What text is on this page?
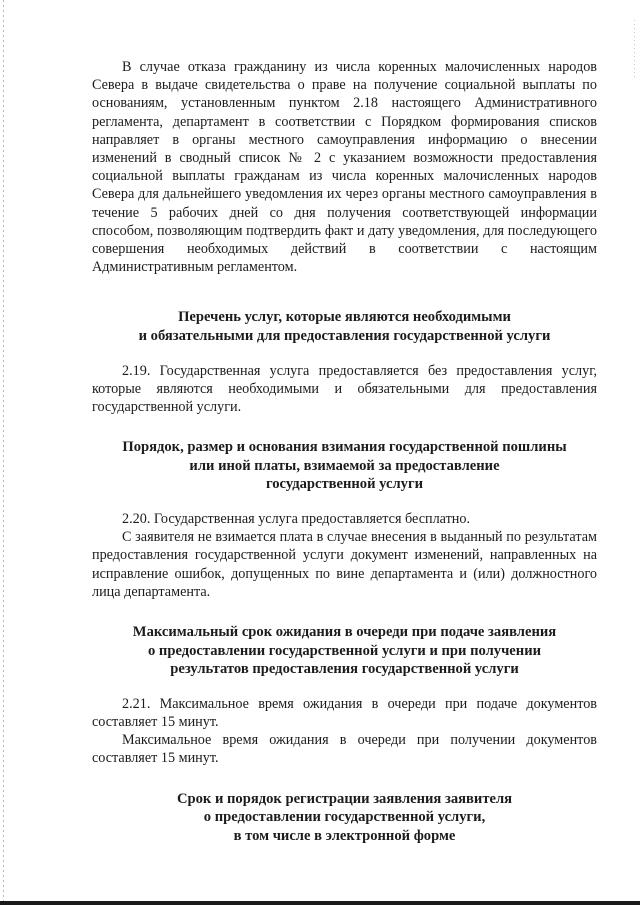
В случае отказа гражданину из числа коренных малочисленных народов Севера в выдаче свидетельства о праве на получение социальной выплаты по основаниям, установленным пунктом 2.18 настоящего Административного регламента, департамент в соответствии с Порядком формирования списков направляет в органы местного самоуправления информацию о внесении изменений в сводный список № 2 с указанием возможности предоставления социальной выплаты гражданам из числа коренных малочисленных народов Севера для дальнейшего уведомления их через органы местного самоуправления в течение 5 рабочих дней со дня получения соответствующей информации способом, позволяющим подтвердить факт и дату уведомления, для последующего совершения необходимых действий в соответствии с настоящим Административным регламентом.

Перечень услуг, которые являются необходимыми

и обязательными для предоставления государственной услуги

2.19. Государственная услуга предоставляется без предоставления услуг, которые являются необходимыми и обязательными для предоставления государственной услуги.

Порядок, размер и основания взимания государственной пошлины

или иной платы, взимаемой за предоставление

государственной услуги

2.20. Государственная услуга предоставляется бесплатно.

С заявителя не взимается плата в случае внесения в выданный по результатам предоставления государственной услуги документ изменений, направленных на исправление ошибок, допущенных по вине департамента и (или) должностного лица департамента.

Максимальный срок ожидания в очереди при подаче заявления

о предоставлении государственной услуги и при получении

результатов предоставления государственной услуги

2.21. Максимальное время ожидания в очереди при подаче документов составляет 15 минут.

Максимальное время ожидания в очереди при получении документов составляет 15 минут.

Срок и порядок регистрации заявления заявителя

о предоставлении государственной услуги,

в том числе в электронной форме
